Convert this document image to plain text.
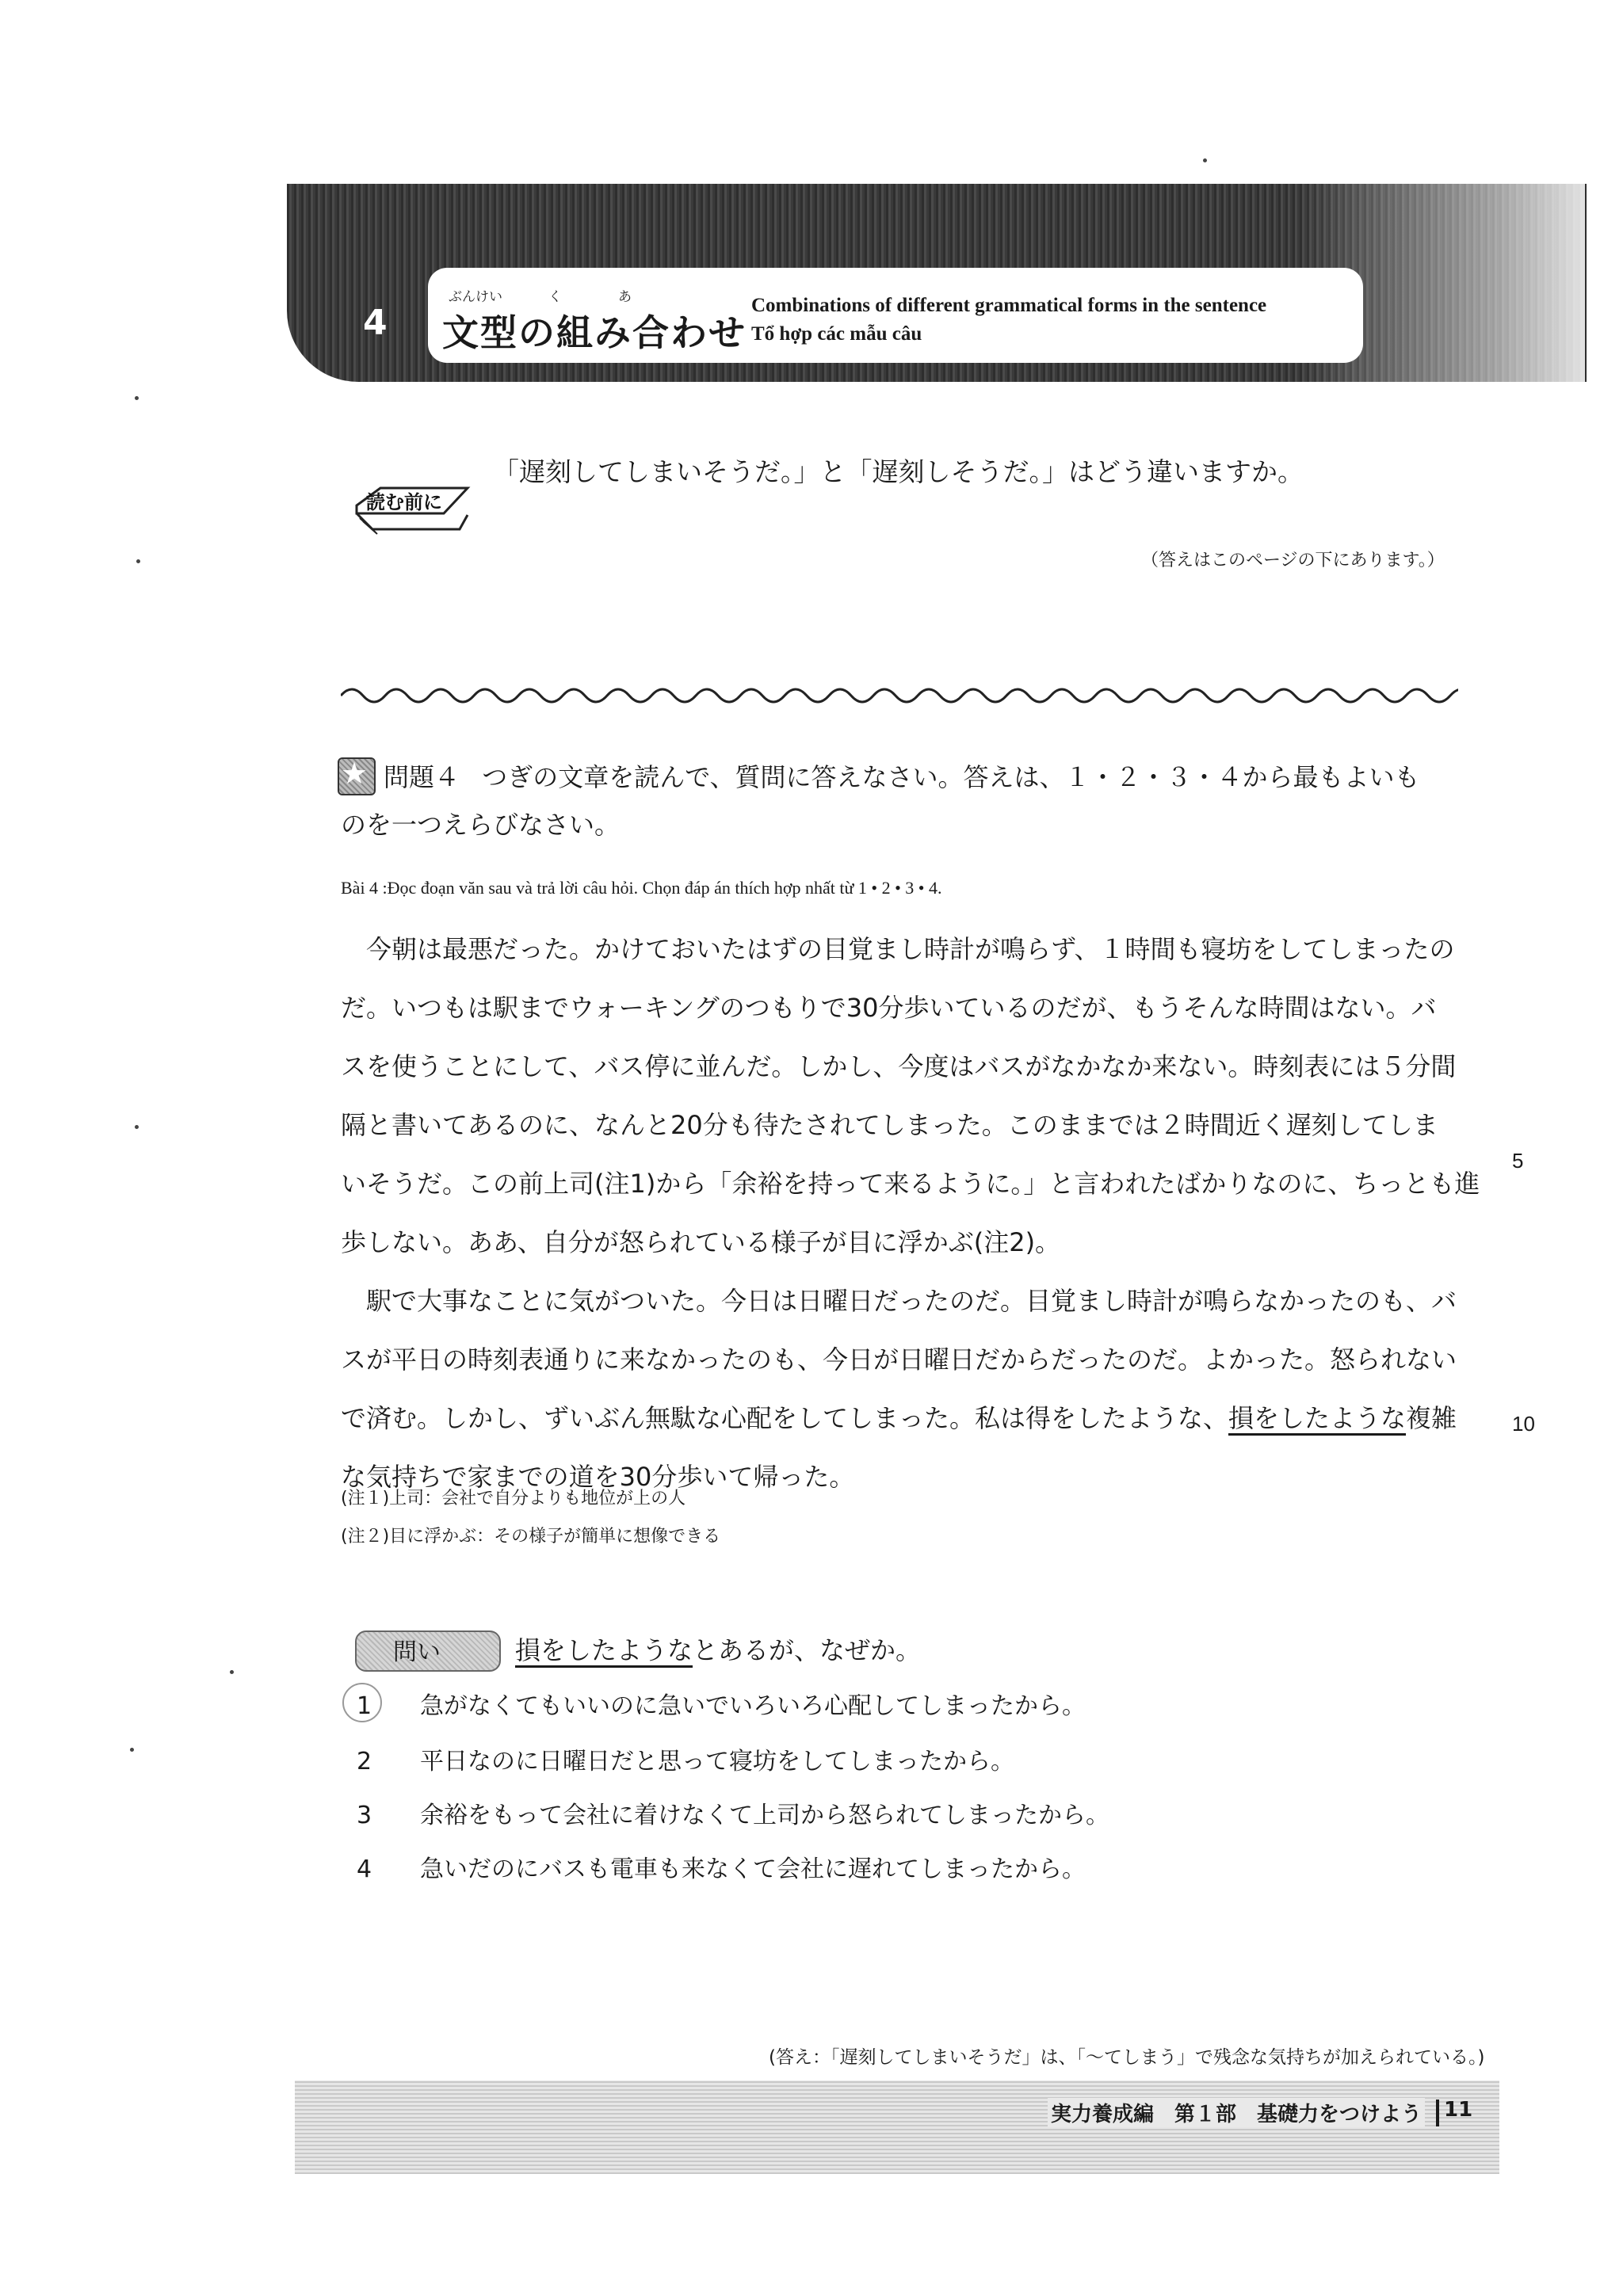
4
ぶんけい	く	あ
文型の組み合わせ
Combinations of different grammatical forms in the sentence
Tổ hợp các mẫu câu
読む前に
「遅刻してしまいそうだ。」と「遅刻しそうだ。」はどう違いますか。
（答えはこのページの下にあります。）
★ 問題４ つぎの文章を読んで、質問に答えなさい。答えは、１・２・３・４から最もよいも
のを一つえらびなさい。
Bài 4 :Đọc đoạn văn sau và trả lời câu hỏi. Chọn đáp án thích hợp nhất từ 1 • 2 • 3 • 4.
今朝は最悪だった。かけておいたはずの目覚まし時計が鳴らず、１時間も寝坊をしてしまったの
だ。いつもは駅までウォーキングのつもりで30分歩いているのだが、もうそんな時間はない。バ
スを使うことにして、バス停に並んだ。しかし、今度はバスがなかなか来ない。時刻表には５分間
隔と書いてあるのに、なんと20分も待たされてしまった。このままでは２時間近く遅刻してしま
いそうだ。この前上司(注1)から「余裕を持って来るように。」と言われたばかりなのに、ちっとも進
歩しない。ああ、自分が怒られている様子が目に浮かぶ(注2)。
駅で大事なことに気がついた。今日は日曜日だったのだ。目覚まし時計が鳴らなかったのも、バ
スが平日の時刻表通りに来なかったのも、今日が日曜日だからだったのだ。よかった。怒られない
で済む。しかし、ずいぶん無駄な心配をしてしまった。私は得をしたような、損をしたような複雑
な気持ちで家までの道を30分歩いて帰った。
5
10
(注１)上司：会社で自分よりも地位が上の人
(注２)目に浮かぶ：その様子が簡単に想像できる
問い	損をしたようなとあるが、なぜか。
1 急がなくてもいいのに急いでいろいろ心配してしまったから。
2 平日なのに日曜日だと思って寝坊をしてしまったから。
3 余裕をもって会社に着けなくて上司から怒られてしまったから。
4 急いだのにバスも電車も来なくて会社に遅れてしまったから。
(答え：「遅刻してしまいそうだ」は、「〜てしまう」で残念な気持ちが加えられている。)
実力養成編　第１部　基礎力をつけよう 11
